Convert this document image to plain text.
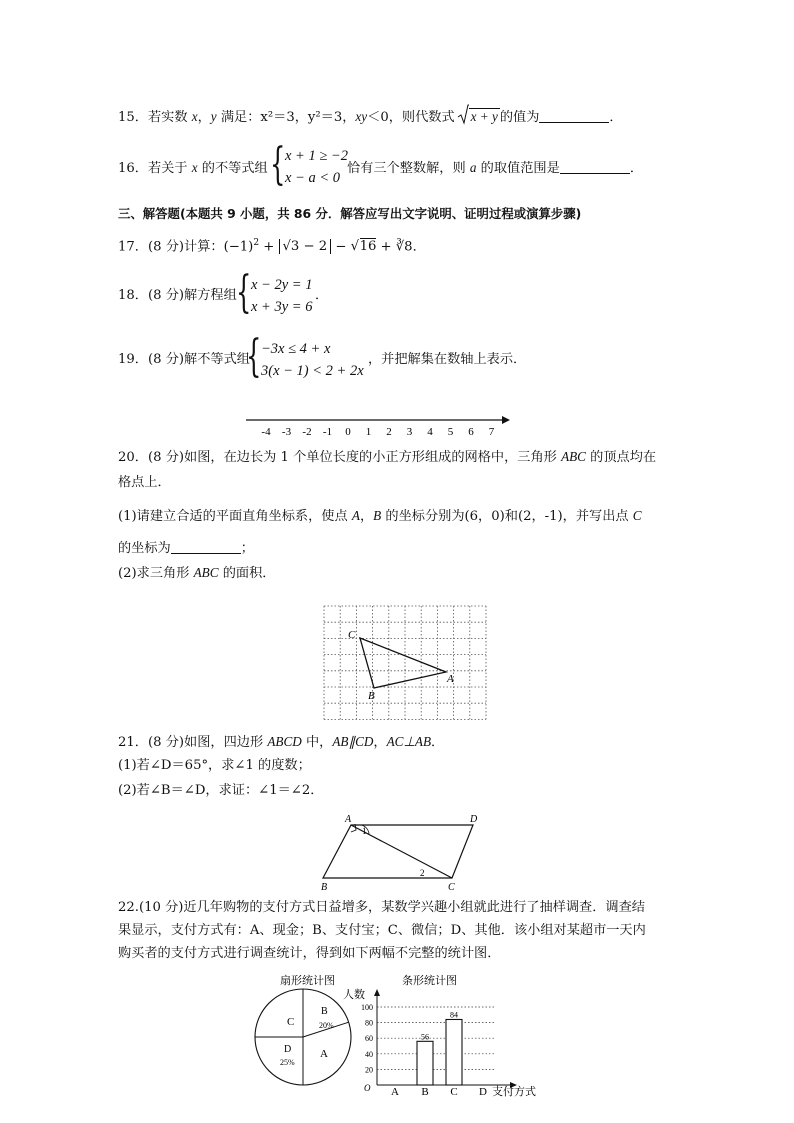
15．若实数 x，y 满足：x²＝3，y²＝3，xy＜0，则代数式 x + y 的值为	．
16．若关于 x 的不等式组 { x + 1 ≥ −2
x − a < 0
恰有三个整数解，则 a 的取值范围是	．
三、解答题(本题共 9 小题，共 86 分．解答应写出文字说明、证明过程或演算步骤)
17．(8 分)计算：$(-1)^2 + √3 - 2$ − √ 16 + ∛8．
18．(8 分)解方程组 { x − 2y = 1
x + 3y = 6
．
19．(8 分)解不等式组
{ −3x ≤ 4 + x
3(x − 1) < 2 + 2x
，并把解集在数轴上表示．
-4 -3 -2 -1 0 1 2 3 4 5 6 7
20．(8 分)如图，在边长为 1 个单位长度的小正方形组成的网格中，三角形 ABC 的顶点均在
格点上．
(1)请建立合适的平面直角坐标系，使点 A，B 的坐标分别为(6，0)和(2，-1)，并写出点 C
的坐标为	；
(2)求三角形 ABC 的面积．
C
A
B
21．(8 分)如图，四边形 ABCD 中，AB∥CD，AC⊥AB．
(1)若∠D＝65°，求∠1 的度数；
(2)若∠B＝∠D，求证：∠1＝∠2．
A	D
B	C
1
2
22.(10 分)近几年购物的支付方式日益增多，某数学兴趣小组就此进行了抽样调查．调查结
果显示，支付方式有：A、现金；B、支付宝；C、微信；D、其他．该小组对某超市一天内
购买者的支付方式进行调查统计，得到如下两幅不完整的统计图．
扇形统计图
C
B
20%
A
D
25%
条形统计图
人数
O	支付方式
20
40
60
80
100
A B
56
C
84
D
